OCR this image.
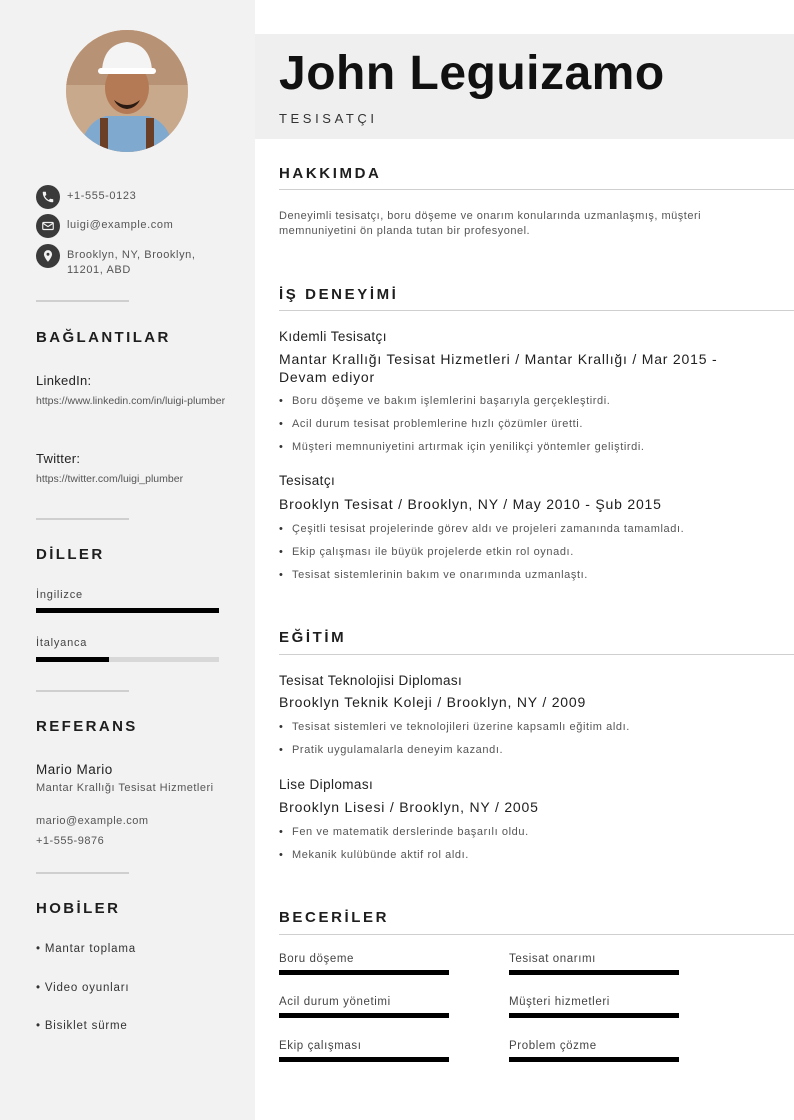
+1-555-0123
luigi@example.com
Brooklyn, NY, Brooklyn,
11201, ABD
BAĞLANTILAR
LinkedIn:
https://www.linkedin.com/in/luigi-plumber
Twitter:
https://twitter.com/luigi_plumber
DİLLER
İngilizce
İtalyanca
REFERANS
Mario Mario
Mantar Krallığı Tesisat Hizmetleri
mario@example.com
+1-555-9876
HOBİLER
• Mantar toplama
• Video oyunları
• Bisiklet sürme
John Leguizamo
TESISATÇI
HAKKIMDA
Deneyimli tesisatçı, boru döşeme ve onarım konularında uzmanlaşmış, müşteri memnuniyetini ön planda tutan bir profesyonel.
İŞ DENEYİMİ
Kıdemli Tesisatçı
Mantar Krallığı Tesisat Hizmetleri / Mantar Krallığı / Mar 2015 - Devam ediyor
• Boru döşeme ve bakım işlemlerini başarıyla gerçekleştirdi.
• Acil durum tesisat problemlerine hızlı çözümler üretti.
• Müşteri memnuniyetini artırmak için yenilikçi yöntemler geliştirdi.
Tesisatçı
Brooklyn Tesisat / Brooklyn, NY / May 2010 - Şub 2015
• Çeşitli tesisat projelerinde görev aldı ve projeleri zamanında tamamladı.
• Ekip çalışması ile büyük projelerde etkin rol oynadı.
• Tesisat sistemlerinin bakım ve onarımında uzmanlaştı.
EĞİTİM
Tesisat Teknolojisi Diploması
Brooklyn Teknik Koleji / Brooklyn, NY / 2009
• Tesisat sistemleri ve teknolojileri üzerine kapsamlı eğitim aldı.
• Pratik uygulamalarla deneyim kazandı.
Lise Diploması
Brooklyn Lisesi / Brooklyn, NY / 2005
• Fen ve matematik derslerinde başarılı oldu.
• Mekanik kulübünde aktif rol aldı.
BECERİLER
Boru döşeme	Tesisat onarımı
Acil durum yönetimi	Müşteri hizmetleri
Ekip çalışması	Problem çözme
